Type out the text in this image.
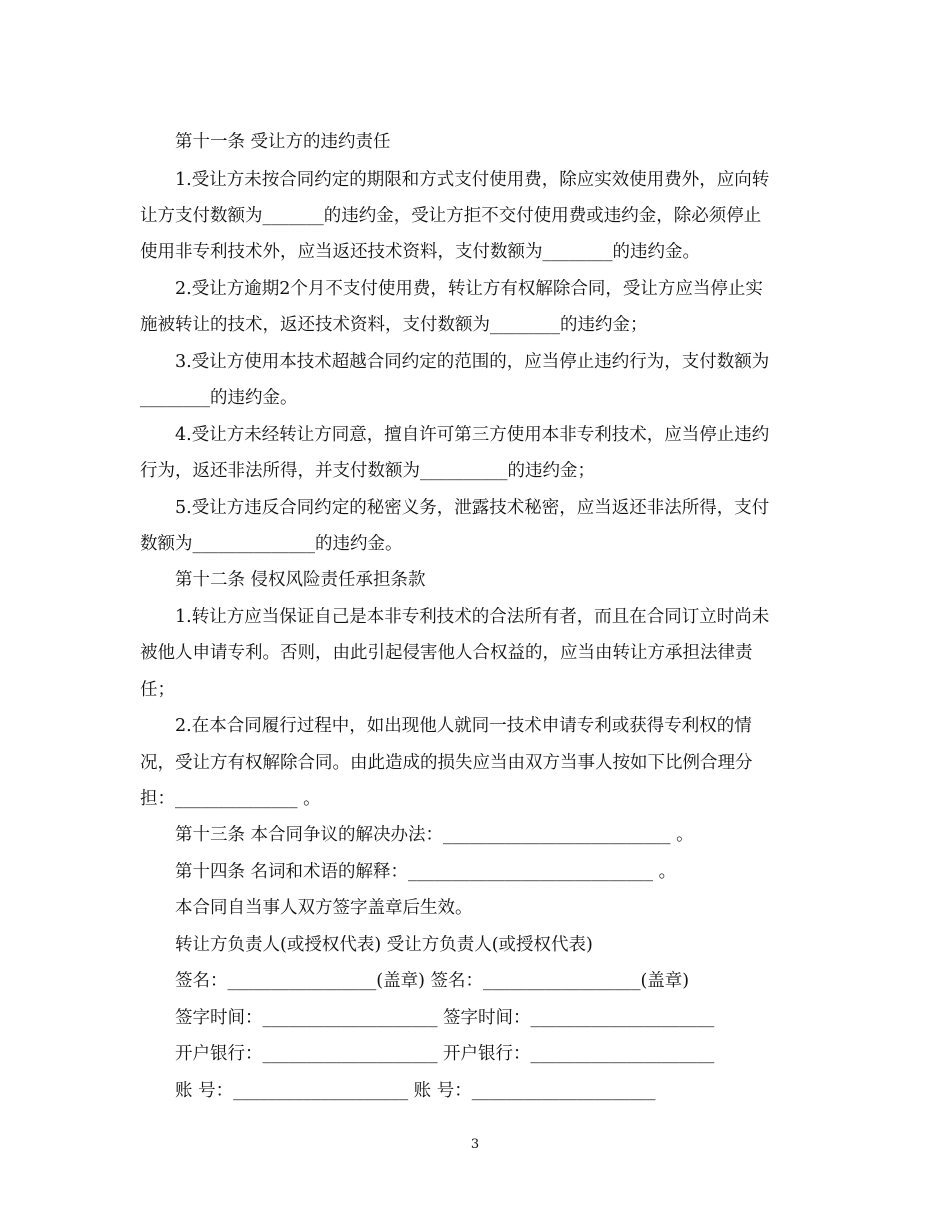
第十一条 受让方的违约责任
1.受让方未按合同约定的期限和方式支付使用费，除应实效使用费外，应向转
让方支付数额为_______的违约金，受让方拒不交付使用费或违约金，除必须停止
使用非专利技术外，应当返还技术资料，支付数额为________的违约金。
2.受让方逾期2个月不支付使用费，转让方有权解除合同，受让方应当停止实
施被转让的技术，返还技术资料，支付数额为________的违约金；
3.受让方使用本技术超越合同约定的范围的，应当停止违约行为，支付数额为
________的违约金。
4.受让方未经转让方同意，擅自许可第三方使用本非专利技术，应当停止违约
行为，返还非法所得，并支付数额为__________的违约金；
5.受让方违反合同约定的秘密义务，泄露技术秘密，应当返还非法所得，支付
数额为______________的违约金。
第十二条 侵权风险责任承担条款
1.转让方应当保证自己是本非专利技术的合法所有者，而且在合同订立时尚未
被他人申请专利。否则，由此引起侵害他人合权益的，应当由转让方承担法律责
任；
2.在本合同履行过程中，如出现他人就同一技术申请专利或获得专利权的情
况，受让方有权解除合同。由此造成的损失应当由双方当事人按如下比例合理分
担：______________ 。
第十三条 本合同争议的解决办法：__________________________ 。
第十四条 名词和术语的解释：____________________________ 。
本合同自当事人双方签字盖章后生效。
转让方负责人(或授权代表) 受让方负责人(或授权代表)
签名：_________________(盖章) 签名：__________________(盖章)
签字时间：____________________ 签字时间：_____________________
开户银行：____________________ 开户银行：_____________________
账 号：____________________ 账 号：_____________________
3
